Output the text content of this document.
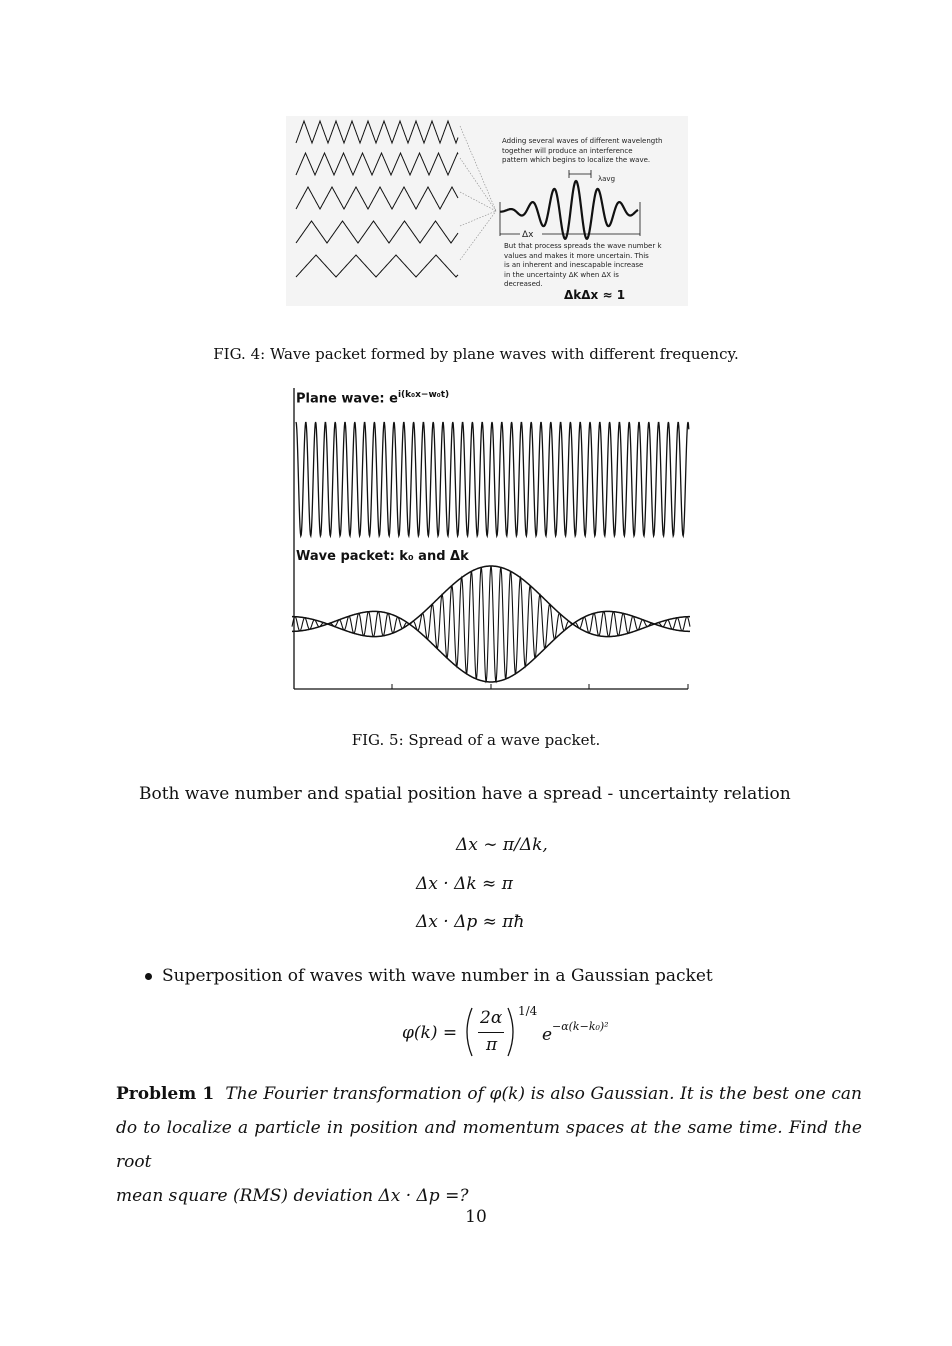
Adding several waves of different wavelength
together will produce an interference
pattern which begins to localize the wave.
λavg
Δx
But that process spreads the wave number k
values and makes it more uncertain. This
is an inherent and inescapable increase
in the uncertainty ΔK when ΔX is
decreased.
ΔkΔx ≈ 1
FIG. 4: Wave packet formed by plane waves with different frequency.
Plane wave: $e^{i(k_0x-w_0t)}$
Wave packet: k₀ and Δk
FIG. 5: Spread of a wave packet.
Both wave number and spatial position have a spread - uncertainty relation
Δx ∼ π/Δk,
Δx · Δk ≈ π
Δx · Δp ≈ πħ
Superposition of waves with wave number in a Gaussian packet
φ(k) =
2α
π
1/4
e −α(k−k₀)²
Problem 1 The Fourier transformation of φ(k) is also Gaussian. It is the best one can
do to localize a particle in position and momentum spaces at the same time. Find the root
mean square (RMS) deviation Δx · Δp =?
10
